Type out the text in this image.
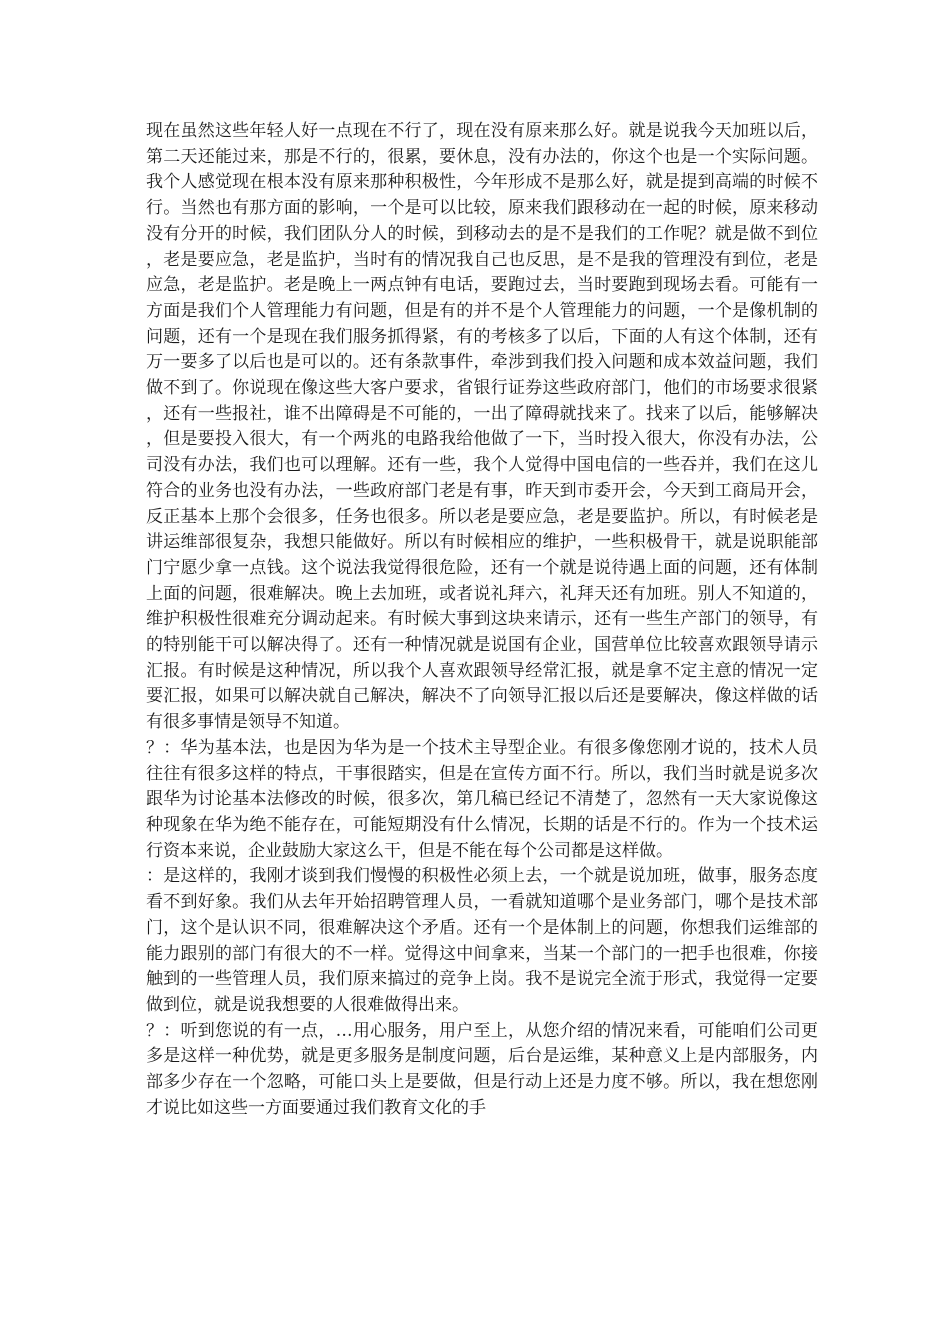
现在虽然这些年轻人好一点现在不行了，现在没有原来那么好。就是说我今天加班以后，第二天还能过来，那是不行的，很累，要休息，没有办法的，你这个也是一个实际问题。我个人感觉现在根本没有原来那种积极性，今年形成不是那么好，就是提到高端的时候不行。当然也有那方面的影响，一个是可以比较，原来我们跟移动在一起的时候，原来移动没有分开的时候，我们团队分人的时候，到移动去的是不是我们的工作呢？就是做不到位，老是要应急，老是监护，当时有的情况我自己也反思，是不是我的管理没有到位，老是应急，老是监护。老是晚上一两点钟有电话，要跑过去，当时要跑到现场去看。可能有一方面是我们个人管理能力有问题，但是有的并不是个人管理能力的问题，一个是像机制的问题，还有一个是现在我们服务抓得紧，有的考核多了以后，下面的人有这个体制，还有万一要多了以后也是可以的。还有条款事件，牵涉到我们投入问题和成本效益问题，我们做不到了。你说现在像这些大客户要求，省银行证券这些政府部门，他们的市场要求很紧，还有一些报社，谁不出障碍是不可能的，一出了障碍就找来了。找来了以后，能够解决，但是要投入很大，有一个两兆的电路我给他做了一下，当时投入很大，你没有办法，公司没有办法，我们也可以理解。还有一些，我个人觉得中国电信的一些吞并，我们在这儿符合的业务也没有办法，一些政府部门老是有事，昨天到市委开会，今天到工商局开会，反正基本上那个会很多，任务也很多。所以老是要应急，老是要监护。所以，有时候老是讲运维部很复杂，我想只能做好。所以有时候相应的维护，一些积极骨干，就是说职能部门宁愿少拿一点钱。这个说法我觉得很危险，还有一个就是说待遇上面的问题，还有体制上面的问题，很难解决。晚上去加班，或者说礼拜六，礼拜天还有加班。别人不知道的，维护积极性很难充分调动起来。有时候大事到这块来请示，还有一些生产部门的领导，有的特别能干可以解决得了。还有一种情况就是说国有企业，国营单位比较喜欢跟领导请示汇报。有时候是这种情况，所以我个人喜欢跟领导经常汇报，就是拿不定主意的情况一定要汇报，如果可以解决就自己解决，解决不了向领导汇报以后还是要解决，像这样做的话有很多事情是领导不知道。

？：华为基本法，也是因为华为是一个技术主导型企业。有很多像您刚才说的，技术人员往往有很多这样的特点，干事很踏实，但是在宣传方面不行。所以，我们当时就是说多次跟华为讨论基本法修改的时候，很多次，第几稿已经记不清楚了，忽然有一天大家说像这种现象在华为绝不能存在，可能短期没有什么情况，长期的话是不行的。作为一个技术运行资本来说，企业鼓励大家这么干，但是不能在每个公司都是这样做。

：是这样的，我刚才谈到我们慢慢的积极性必须上去，一个就是说加班，做事，服务态度看不到好象。我们从去年开始招聘管理人员，一看就知道哪个是业务部门，哪个是技术部门，这个是认识不同，很难解决这个矛盾。还有一个是体制上的问题，你想我们运维部的能力跟别的部门有很大的不一样。觉得这中间拿来，当某一个部门的一把手也很难，你接触到的一些管理人员，我们原来搞过的竞争上岗。我不是说完全流于形式，我觉得一定要做到位，就是说我想要的人很难做得出来。

？：听到您说的有一点，…用心服务，用户至上，从您介绍的情况来看，可能咱们公司更多是这样一种优势，就是更多服务是制度问题，后台是运维，某种意义上是内部服务，内部多少存在一个忽略，可能口头上是要做，但是行动上还是力度不够。所以，我在想您刚才说比如这些一方面要通过我们教育文化的手
